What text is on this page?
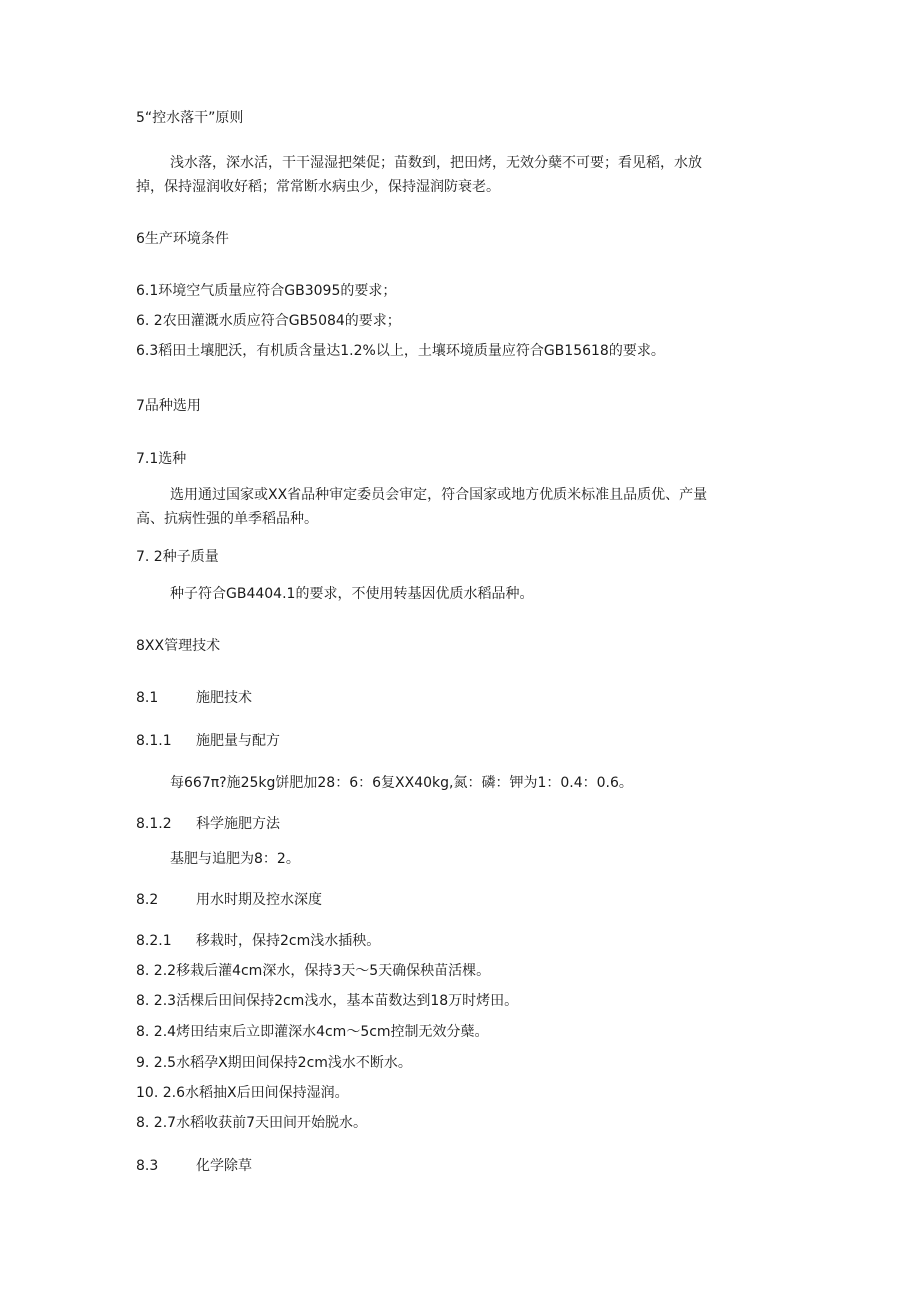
5“控水落干”原则
浅水落，深水活，干干湿湿把桀促；苗数到，把田烤，无效分蘖不可要；看见稻，水放
掉，保持湿润收好稻；常常断水病虫少，保持湿润防衰老。
6生产环境条件
6.1环境空气质量应符合GB3095的要求；
6. 2农田灌溉水质应符合GB5084的要求；
6.3稻田土壤肥沃，有机质含量达1.2%以上，土壤环境质量应符合GB15618的要求。
7品种选用
7.1选种
选用通过国家或XX省品种审定委员会审定，符合国家或地方优质米标准且品质优、产量
高、抗病性强的单季稻品种。
7. 2种子质量
种子符合GB4404.1的要求，不使用转基因优质水稻品种。
8XX管理技术
8.1	施肥技术
8.1.1 施肥量与配方
每667π?施25kg饼肥加28：6：6复XX40kg,氮：磷：钾为1：0.4：0.6。
8.1.2 科学施肥方法
基肥与追肥为8：2。
8.2	用水时期及控水深度
8.2.1 移栽时，保持2cm浅水插秧。
8. 2.2移栽后灌4cm深水，保持3天～5天确保秧苗活棵。
8. 2.3活棵后田间保持2cm浅水，基本苗数达到18万时烤田。
8. 2.4烤田结束后立即灌深水4cm～5cm控制无效分蘖。
9. 2.5水稻孕X期田间保持2cm浅水不断水。
10. 2.6水稻抽X后田间保持湿润。
8. 2.7水稻收获前7天田间开始脱水。
8.3	化学除草
